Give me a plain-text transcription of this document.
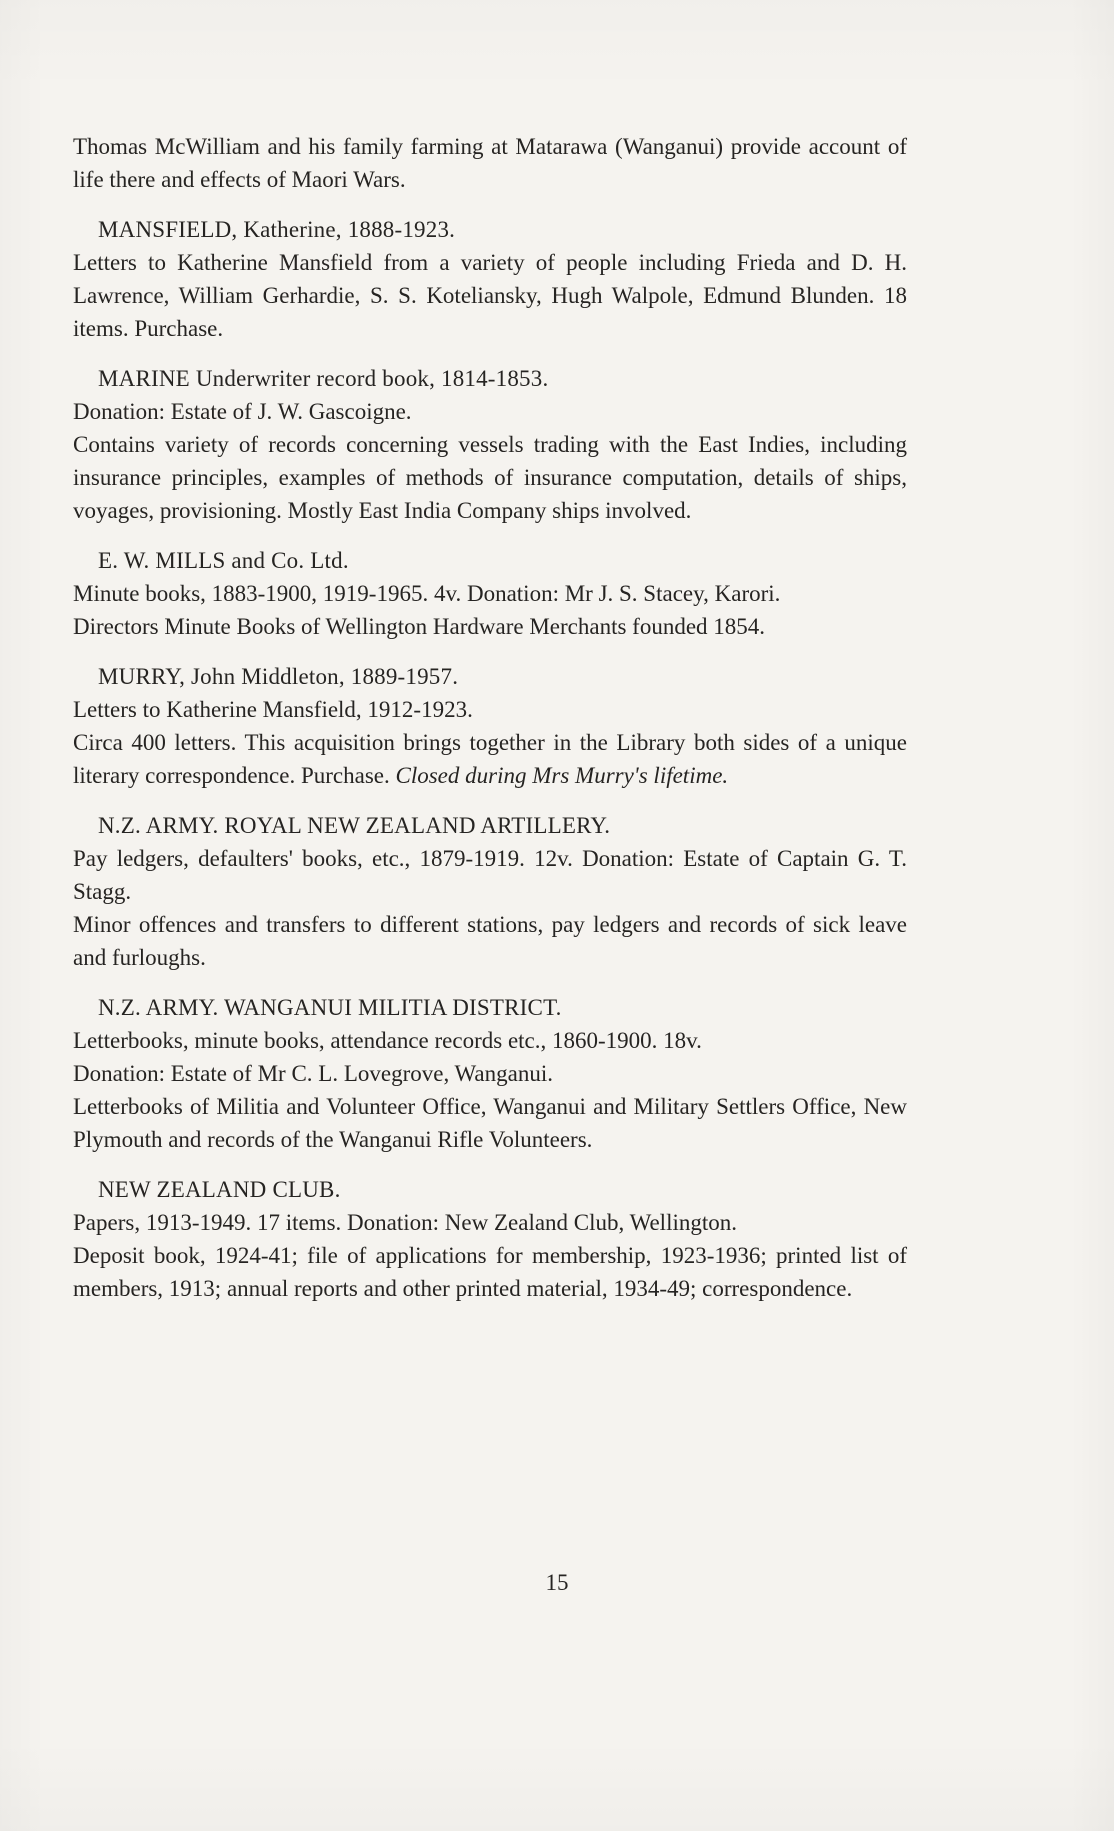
Thomas McWilliam and his family farming at Matarawa (Wanganui) provide account of life there and effects of Maori Wars.

MANSFIELD, Katherine, 1888-1923.

Letters to Katherine Mansfield from a variety of people including Frieda and D. H. Lawrence, William Gerhardie, S. S. Koteliansky, Hugh Walpole, Edmund Blunden. 18 items. Purchase.

MARINE Underwriter record book, 1814-1853.

Donation: Estate of J. W. Gascoigne.

Contains variety of records concerning vessels trading with the East Indies, including insurance principles, examples of methods of insurance computation, details of ships, voyages, provisioning. Mostly East India Company ships involved.

E. W. MILLS and Co. Ltd.

Minute books, 1883-1900, 1919-1965. 4v. Donation: Mr J. S. Stacey, Karori.

Directors Minute Books of Wellington Hardware Merchants founded 1854.

MURRY, John Middleton, 1889-1957.

Letters to Katherine Mansfield, 1912-1923.

Circa 400 letters. This acquisition brings together in the Library both sides of a unique literary correspondence. Purchase. Closed during Mrs Murry's lifetime.

N.Z. ARMY. ROYAL NEW ZEALAND ARTILLERY.

Pay ledgers, defaulters' books, etc., 1879-1919. 12v. Donation: Estate of Captain G. T. Stagg.

Minor offences and transfers to different stations, pay ledgers and records of sick leave and furloughs.

N.Z. ARMY. WANGANUI MILITIA DISTRICT.

Letterbooks, minute books, attendance records etc., 1860-1900. 18v.

Donation: Estate of Mr C. L. Lovegrove, Wanganui.

Letterbooks of Militia and Volunteer Office, Wanganui and Military Settlers Office, New Plymouth and records of the Wanganui Rifle Volunteers.

NEW ZEALAND CLUB.

Papers, 1913-1949. 17 items. Donation: New Zealand Club, Wellington.

Deposit book, 1924-41; file of applications for membership, 1923-1936; printed list of members, 1913; annual reports and other printed material, 1934-49; correspondence.

15
